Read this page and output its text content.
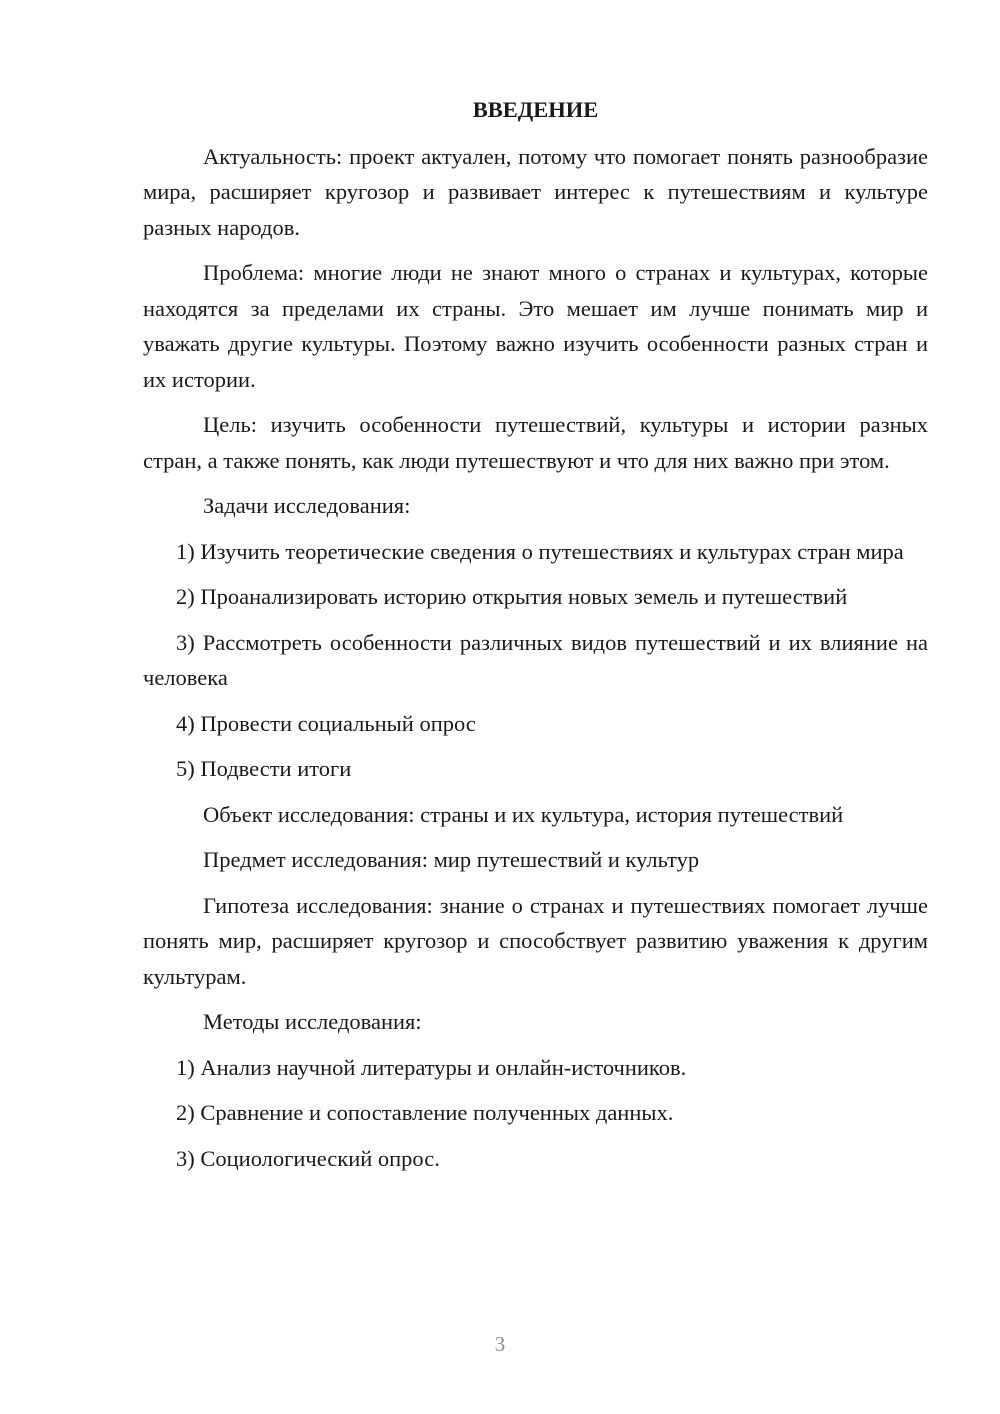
ВВЕДЕНИЕ

Актуальность: проект актуален, потому что помогает понять разнообразие мира, расширяет кругозор и развивает интерес к путешествиям и культуре разных народов.

Проблема: многие люди не знают много о странах и культурах, которые находятся за пределами их страны. Это мешает им лучше понимать мир и уважать другие культуры. Поэтому важно изучить особенности разных стран и их истории.

Цель: изучить особенности путешествий, культуры и истории разных стран, а также понять, как люди путешествуют и что для них важно при этом.

Задачи исследования:

1) Изучить теоретические сведения о путешествиях и культурах стран мира

2) Проанализировать историю открытия новых земель и путешествий

3) Рассмотреть особенности различных видов путешествий и их влияние на человека

4) Провести социальный опрос

5) Подвести итоги

Объект исследования: страны и их культура, история путешествий

Предмет исследования: мир путешествий и культур

Гипотеза исследования: знание о странах и путешествиях помогает лучше понять мир, расширяет кругозор и способствует развитию уважения к другим культурам.

Методы исследования:

1) Анализ научной литературы и онлайн-источников.

2) Сравнение и сопоставление полученных данных.

3) Социологический опрос.

3
